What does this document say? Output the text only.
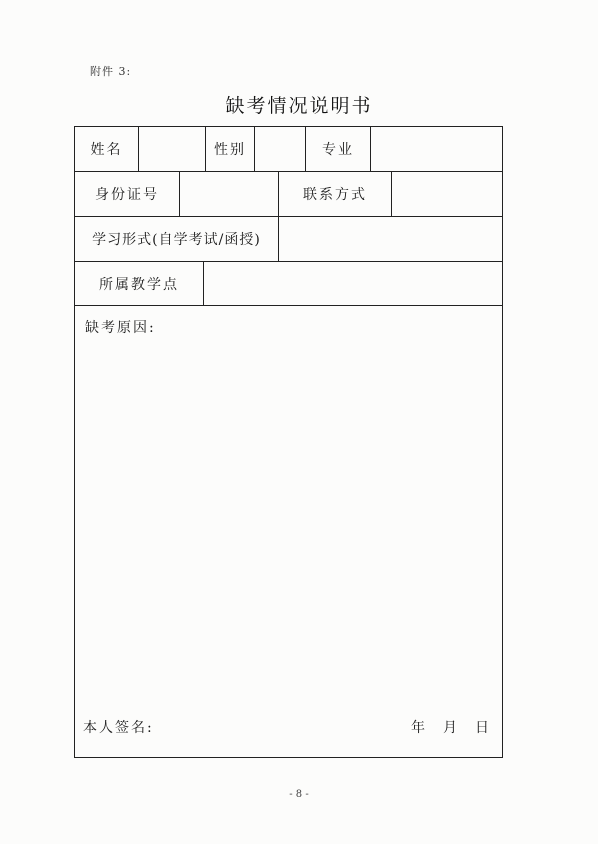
附件 3:
缺考情况说明书
姓名	性别	专业
身份证号	联系方式
学习形式(自学考试/函授)
所属教学点
缺考原因:
本人签名:	年 月 日
- 8 -
